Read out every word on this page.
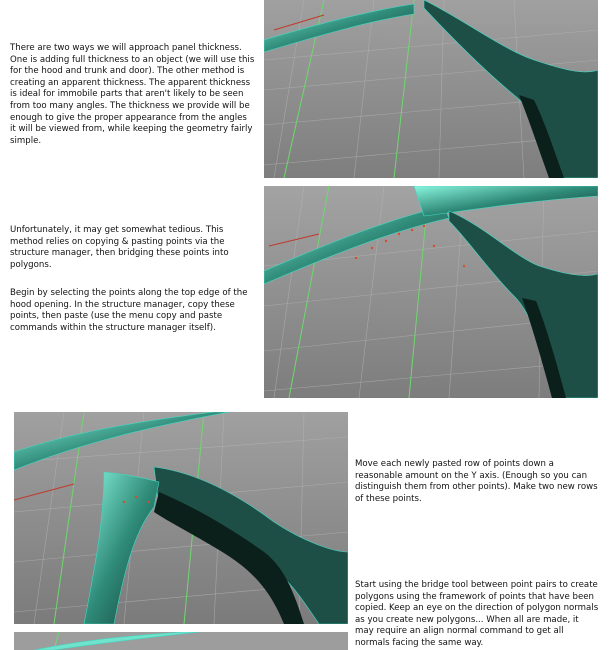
There are two ways we will approach panel thickness. One is adding full thickness to an object (we will use this for the hood and trunk and door). The other method is creating an apparent thickness. The apparent thickness is ideal for immobile parts that aren't likely to be seen from too many angles. The thickness we provide will be enough to give the proper appearance from the angles it will be viewed from, while keeping the geometry fairly simple.

Unfortunately, it may get somewhat tedious. This method relies on copying & pasting points via the structure manager, then bridging these points into polygons.

Begin by selecting the points along the top edge of the hood opening. In the structure manager, copy these points, then paste (use the menu copy and paste commands within the structure manager itself).

Move each newly pasted row of points down a reasonable amount on the Y axis. (Enough so you can distinguish them from other points). Make two new rows of these points.

Start using the bridge tool between point pairs to create polygons using the framework of points that have been copied. Keep an eye on the direction of polygon normals as you create new polygons... When all are made, it may require an align normal command to get all normals facing the same way.
